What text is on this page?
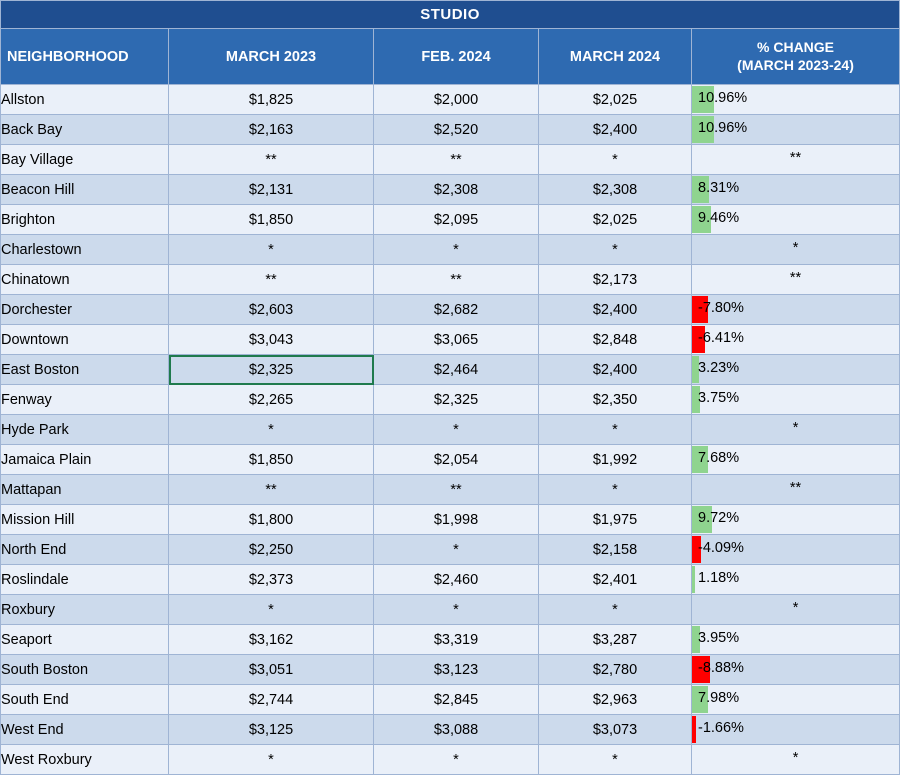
STUDIO				
NEIGHBORHOOD	MARCH 2023	FEB. 2024	MARCH 2024	% CHANGE
(MARCH 2023-24)

Allston	$1,825	$2,000	$2,025	10.96%

Back Bay	$2,163	$2,520	$2,400	10.96%

Bay Village	**	**	*	**

Beacon Hill	$2,131	$2,308	$2,308	8.31%

Brighton	$1,850	$2,095	$2,025	9.46%

Charlestown	*	*	*	*

Chinatown	**	**	$2,173	**

Dorchester	$2,603	$2,682	$2,400	-7.80%

Downtown	$3,043	$3,065	$2,848	-6.41%

East Boston	$2,325	$2,464	$2,400	3.23%

Fenway	$2,265	$2,325	$2,350	3.75%

Hyde Park	*	*	*	*

Jamaica Plain	$1,850	$2,054	$1,992	7.68%

Mattapan	**	**	*	**

Mission Hill	$1,800	$1,998	$1,975	9.72%

North End	$2,250	*	$2,158	-4.09%

Roslindale	$2,373	$2,460	$2,401	1.18%

Roxbury	*	*	*	*

Seaport	$3,162	$3,319	$3,287	3.95%

South Boston	$3,051	$3,123	$2,780	-8.88%

South End	$2,744	$2,845	$2,963	7.98%

West End	$3,125	$3,088	$3,073	-1.66%

West Roxbury	*	*	*	*
